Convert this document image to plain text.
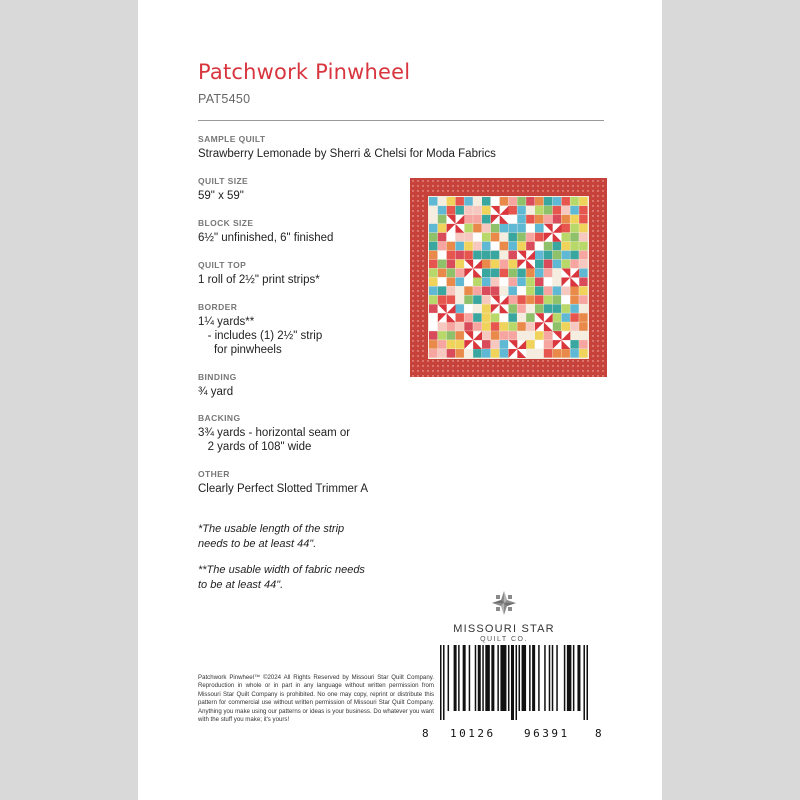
Patchwork Pinwheel
PAT5450
SAMPLE QUILT
Strawberry Lemonade by Sherri & Chelsi for Moda Fabrics
QUILT SIZE
59" x 59"
BLOCK SIZE
6½" unfinished, 6" finished
QUILT TOP
1 roll of 2½" print strips*
BORDER
1¼ yards**
- includes (1) 2½" strip
for pinwheels
BINDING
¾ yard
BACKING
3¾ yards - horizontal seam or
2 yards of 108" wide
OTHER
Clearly Perfect Slotted Trimmer A

*The usable length of the strip
needs to be at least 44".

**The usable width of fabric needs
to be at least 44".

MISSOURI STAR
QUILT CO.
Patchwork Pinwheel™ ©2024 All Rights Reserved by Missouri Star Quilt Company. Reproduction in whole or in part in any language without written permission from Missouri Star Quilt Company is prohibited. No one may copy, reprint or distribute this pattern for commercial use without written permission of Missouri Star Quilt Company. Anything you make using our patterns or ideas is your business. Do whatever you want with the stuff you make; it's yours!
8 10126	96391 8
